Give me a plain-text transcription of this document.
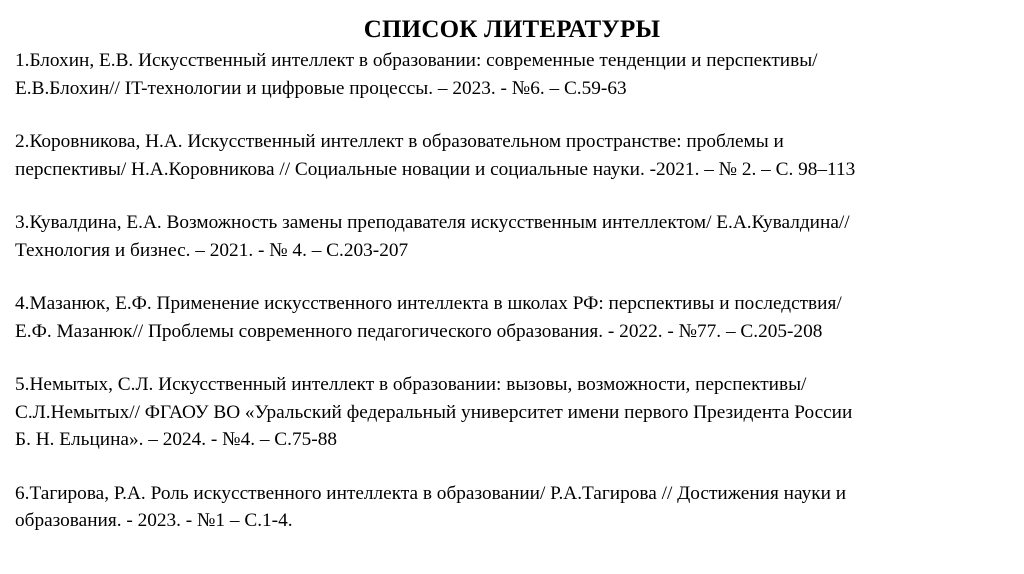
СПИСОК ЛИТЕРАТУРЫ
1.Блохин, Е.В. Искусственный интеллект в образовании: современные тенденции и перспективы/
Е.В.Блохин// IT-технологии и цифровые процессы. – 2023. - №6. – С.59-63
2.Коровникова, Н.А. Искусственный интеллект в образовательном пространстве: проблемы и
перспективы/ Н.А.Коровникова // Социальные новации и социальные науки. -2021. – № 2. – С. 98–113
3.Кувалдина, Е.А. Возможность замены преподавателя искусственным интеллектом/ Е.А.Кувалдина//
Технология и бизнес. – 2021. - № 4. – С.203-207
4.Мазанюк, Е.Ф. Применение искусственного интеллекта в школах РФ: перспективы и последствия/
Е.Ф. Мазанюк// Проблемы современного педагогического образования. - 2022. - №77. – С.205-208
5.Немытых, С.Л. Искусственный интеллект в образовании: вызовы, возможности, перспективы/
С.Л.Немытых// ФГАОУ ВО «Уральский федеральный университет имени первого Президента России
Б. Н. Ельцина». – 2024. - №4. – С.75-88
6.Тагирова, Р.А. Роль искусственного интеллекта в образовании/ Р.А.Тагирова // Достижения науки и
образования. - 2023. - №1 – С.1-4.
